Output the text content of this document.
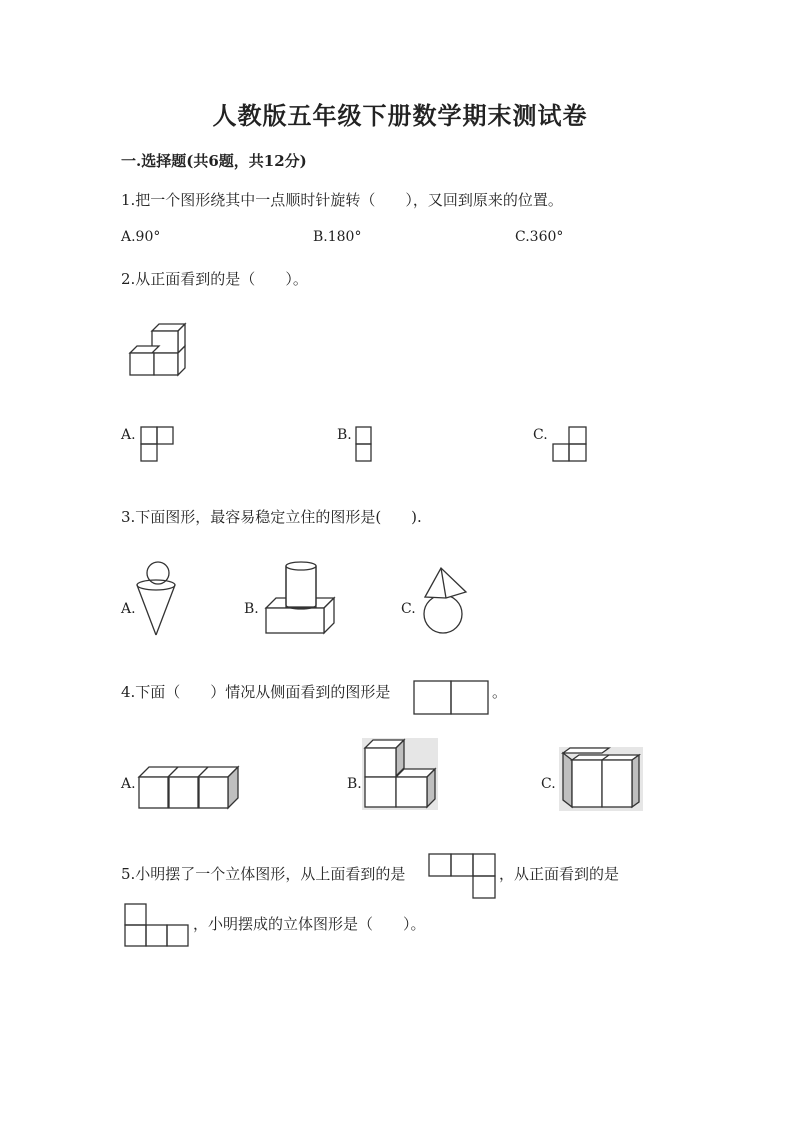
人教版五年级下册数学期末测试卷
一.选择题(共6题，共12分)
1.把一个图形绕其中一点顺时针旋转（　　），又回到原来的位置。
A.90°	B.180°	C.360°
2.从正面看到的是（　　）。
A.	B.	C.
3.下面图形，最容易稳定立住的图形是(　　).
A.	B.	C.
4.下面（　　）情况从侧面看到的图形是	。
A.	B.	C.
5.小明摆了一个立体图形，从上面看到的是	，从正面看到的是
，小明摆成的立体图形是（　　）。
